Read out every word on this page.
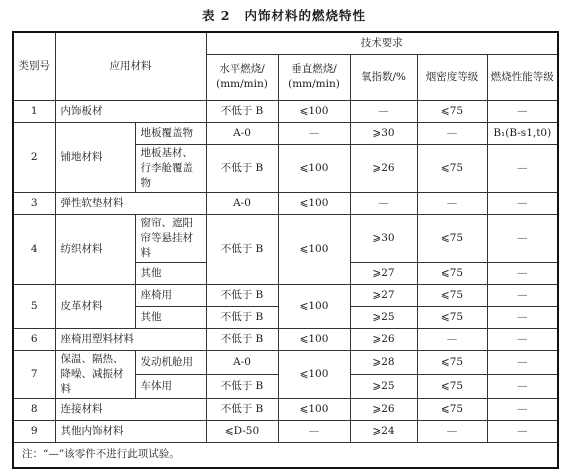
表 2 内饰材料的燃烧特性
类别号	应用材料		技术要求				
			水平燃烧/ (mm/min)	垂直燃烧/ (mm/min)	氧指数/%	烟密度等级	燃烧性能等级
1	内饰板材		不低于 B	⩽100	—	⩽75	—
2	铺地材料	地板覆盖物	A-0	—	⩾30	—	B₁(B-s1,t0)
		地板基材、行李舱覆盖物	不低于 B	⩽100	⩾26	⩽75	—
3	弹性软垫材料		A-0	⩽100	—	—	—
4	纺织材料	窗帘、遮阳帘等悬挂材料	不低于 B	⩽100	⩾30	⩽75	—
		其他			⩾27	⩽75	—
5	皮革材料	座椅用	不低于 B	⩽100	⩾27	⩽75	—
		其他	不低于 B		⩾25	⩽75	—
6	座椅用塑料材料		不低于 B	⩽100	⩾26	—	—
7	保温、隔热、降噪、减振材料	发动机舱用	A-0	⩽100	⩾28	⩽75	—
		车体用	不低于 B		⩾25	⩽75	—
8	连接材料		不低于 B	⩽100	⩾26	⩽75	—
9	其他内饰材料		⩽D-50	—	⩾24	—	—
注：“—”该零件不进行此项试验。							
